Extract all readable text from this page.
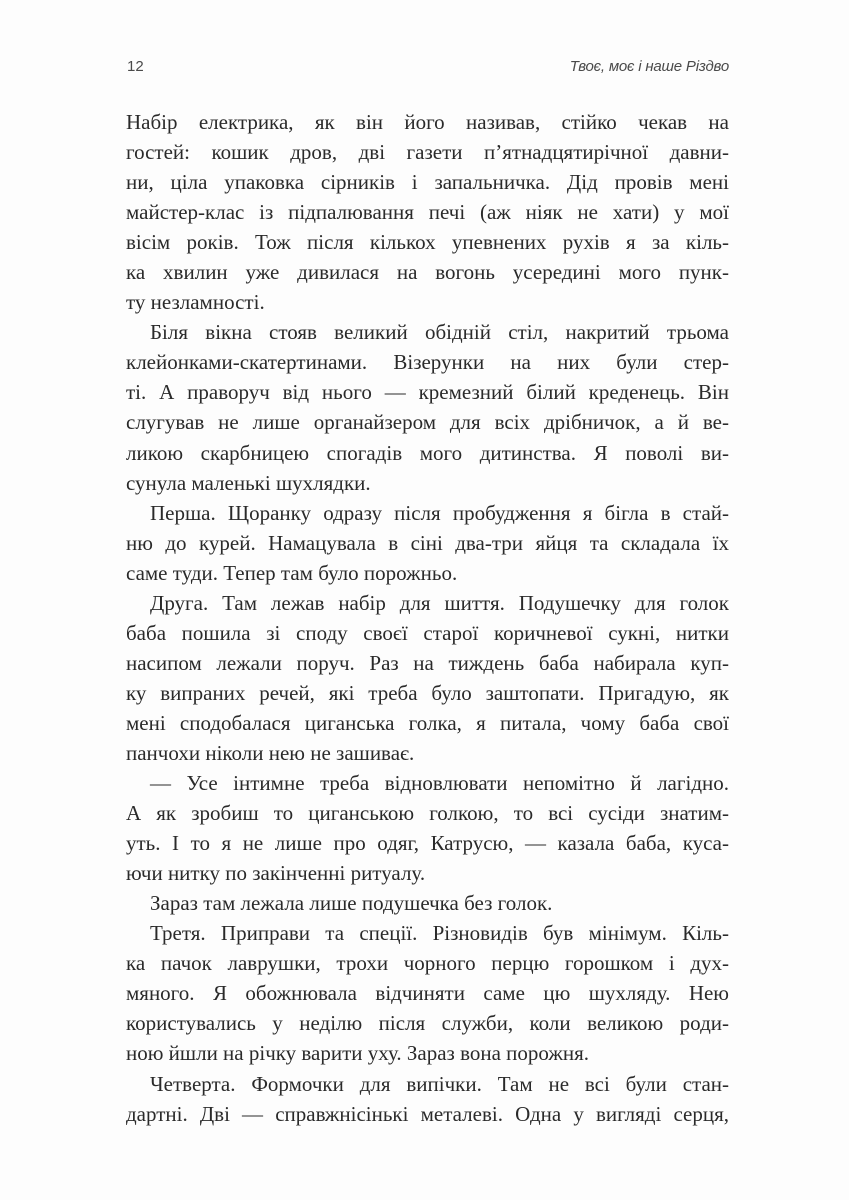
12	Твоє, моє і наше Різдво
Набір електрика, як він його називав, стійко чекав на
гостей: кошик дров, дві газети п’ятнадцятирічної давни-
ни, ціла упаковка сірників і запальничка. Дід провів мені
майстер-клас із підпалювання печі (аж ніяк не хати) у мої
вісім років. Тож після кількох упевнених рухів я за кіль-
ка хвилин уже дивилася на вогонь усередині мого пунк-
ту незламності.
Біля вікна стояв великий обідній стіл, накритий трьома
клейонками-скатертинами. Візерунки на них були стер-
ті. А праворуч від нього — кремезний білий креденець. Він
слугував не лише органайзером для всіх дрібничок, а й ве-
ликою скарбницею спогадів мого дитинства. Я поволі ви-
сунула маленькі шухлядки.
Перша. Щоранку одразу після пробудження я бігла в стай-
ню до курей. Намацувала в сіні два-три яйця та складала їх
саме туди. Тепер там було порожньо.
Друга. Там лежав набір для шиття. Подушечку для голок
баба пошила зі споду своєї старої коричневої сукні, нитки
насипом лежали поруч. Раз на тиждень баба набирала куп-
ку випраних речей, які треба було заштопати. Пригадую, як
мені сподобалася циганська голка, я питала, чому баба свої
панчохи ніколи нею не зашиває.
— Усе інтимне треба відновлювати непомітно й лагідно.
А як зробиш то циганською голкою, то всі сусіди знатим-
уть. І то я не лише про одяг, Катрусю, — казала баба, куса-
ючи нитку по закінченні ритуалу.
Зараз там лежала лише подушечка без голок.
Третя. Приправи та спеції. Різновидів був мінімум. Кіль-
ка пачок лаврушки, трохи чорного перцю горошком і дух-
мяного. Я обожнювала відчиняти саме цю шухляду. Нею
користувались у неділю після служби, коли великою роди-
ною йшли на річку варити уху. Зараз вона порожня.
Четверта. Формочки для випічки. Там не всі були стан-
дартні. Дві — справжнісінькі металеві. Одна у вигляді серця,
